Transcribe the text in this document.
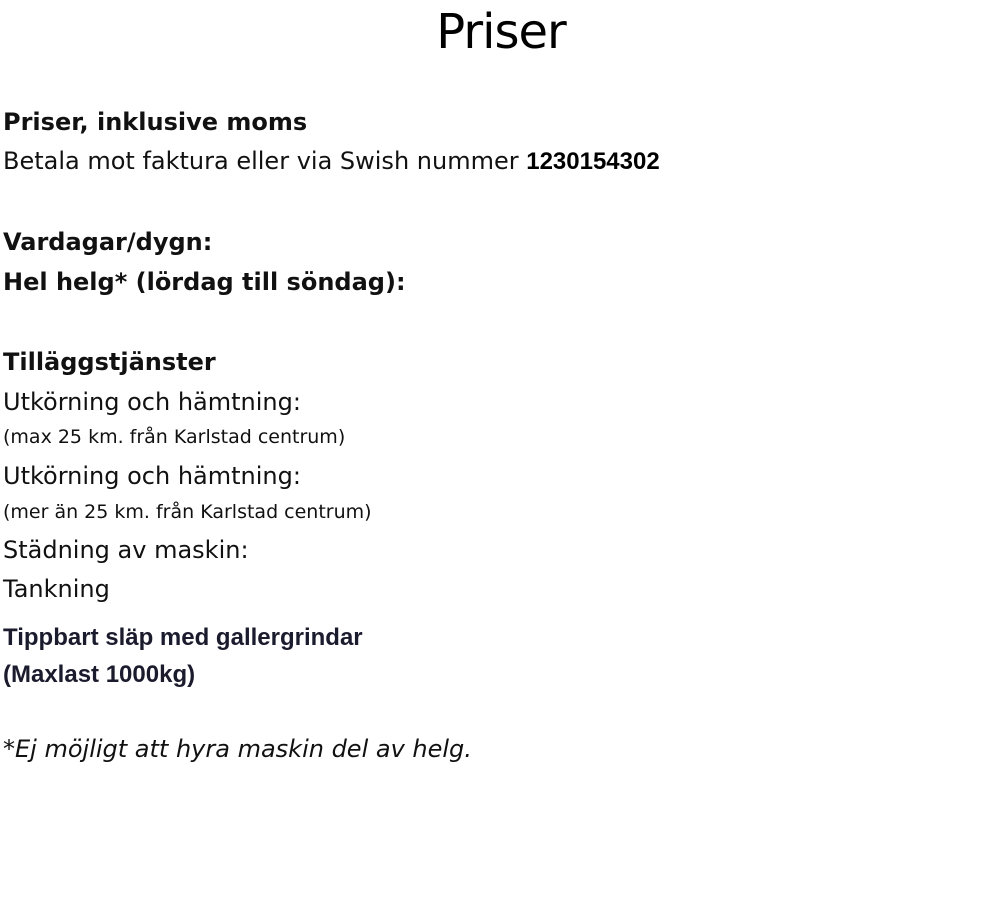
Priser
Priser, inklusive moms
Betala mot faktura eller via Swish nummer 1230154302
Vardagar/dygn:
Hel helg* (lördag till söndag):
Tilläggstjänster
Utkörning och hämtning:
(max 25 km. från Karlstad centrum)
Utkörning och hämtning:
(mer än 25 km. från Karlstad centrum)
Städning av maskin:
Tankning
Tippbart släp med gallergrindar
(Maxlast 1000kg)
*Ej möjligt att hyra maskin del av helg.
